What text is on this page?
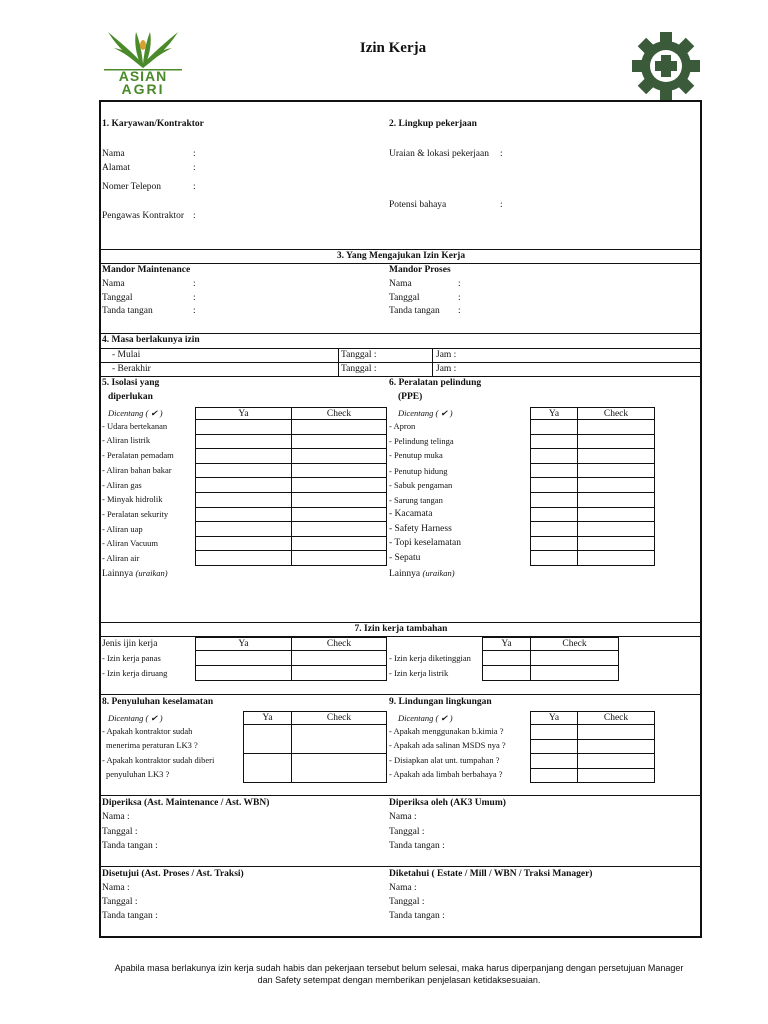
ASIAN
AGRI
Izin Kerja
1. Karyawan/Kontraktor	2. Lingkup pekerjaan
Nama	:
Alamat	:
Nomer Telepon	:
Pengawas Kontraktor :
Uraian & lokasi pekerjaan :
Potensi bahaya	:
3. Yang Mengajukan Izin Kerja
Mandor Maintenance	Mandor Proses
Nama	:
Tanggal	:
Tanda tangan	:
Nama	:
Tanggal	:
Tanda tangan :
4. Masa berlakunya izin
- Mulai	Tanggal :	Jam :
- Berakhir	Tanggal :	Jam :
5. Isolasi yang
diperlukan
Dicentang ( ✔ )
- Udara bertekanan
- Aliran listrik
- Peralatan pemadam
- Aliran bahan bakar
- Aliran gas
- Minyak hidrolik
- Peralatan sekurity
- Aliran uap
- Aliran Vacuum
- Aliran air
Ya	Check

Lainnya (uraikan)
6. Peralatan pelindung
(PPE)
Dicentang ( ✔ )
- Apron
- Pelindung telinga
- Penutup muka
- Penutup hidung
- Sabuk pengaman
- Sarung tangan
- Kacamata
- Safety Harness
- Topi keselamatan
- Sepatu
Ya	Check

Lainnya (uraikan)
7. Izin kerja tambahan
Jenis ijin kerja
- Izin kerja panas
- Izin kerja diruang
Ya	Check

- Izin kerja diketinggian
- Izin kerja listrik
Ya	Check

8. Penyuluhan keselamatan
Dicentang ( ✔ )
- Apakah kontraktor sudah
menerima peraturan LK3 ?
- Apakah kontraktor sudah diberi
penyuluhan LK3 ?
Ya	Check

9. Lindungan lingkungan
Dicentang ( ✔ )
- Apakah menggunakan b.kimia ?
- Apakah ada salinan MSDS nya ?
- Disiapkan alat unt. tumpahan ?
- Apakah ada limbah berbahaya ?
Ya	Check

Diperiksa (Ast. Maintenance / Ast. WBN)	Diperiksa oleh (AK3 Umum)
Nama :
Tanggal :
Tanda tangan :
Nama :
Tanggal :
Tanda tangan :
Disetujui (Ast. Proses / Ast. Traksi)	Diketahui ( Estate / Mill / WBN / Traksi Manager)
Nama :
Tanggal :
Tanda tangan :
Nama :
Tanggal :
Tanda tangan :
Apabila masa berlakunya izin kerja sudah habis dan pekerjaan tersebut belum selesai, maka harus diperpanjang dengan persetujuan Manager
dan Safety setempat dengan memberikan penjelasan ketidaksesuaian.
